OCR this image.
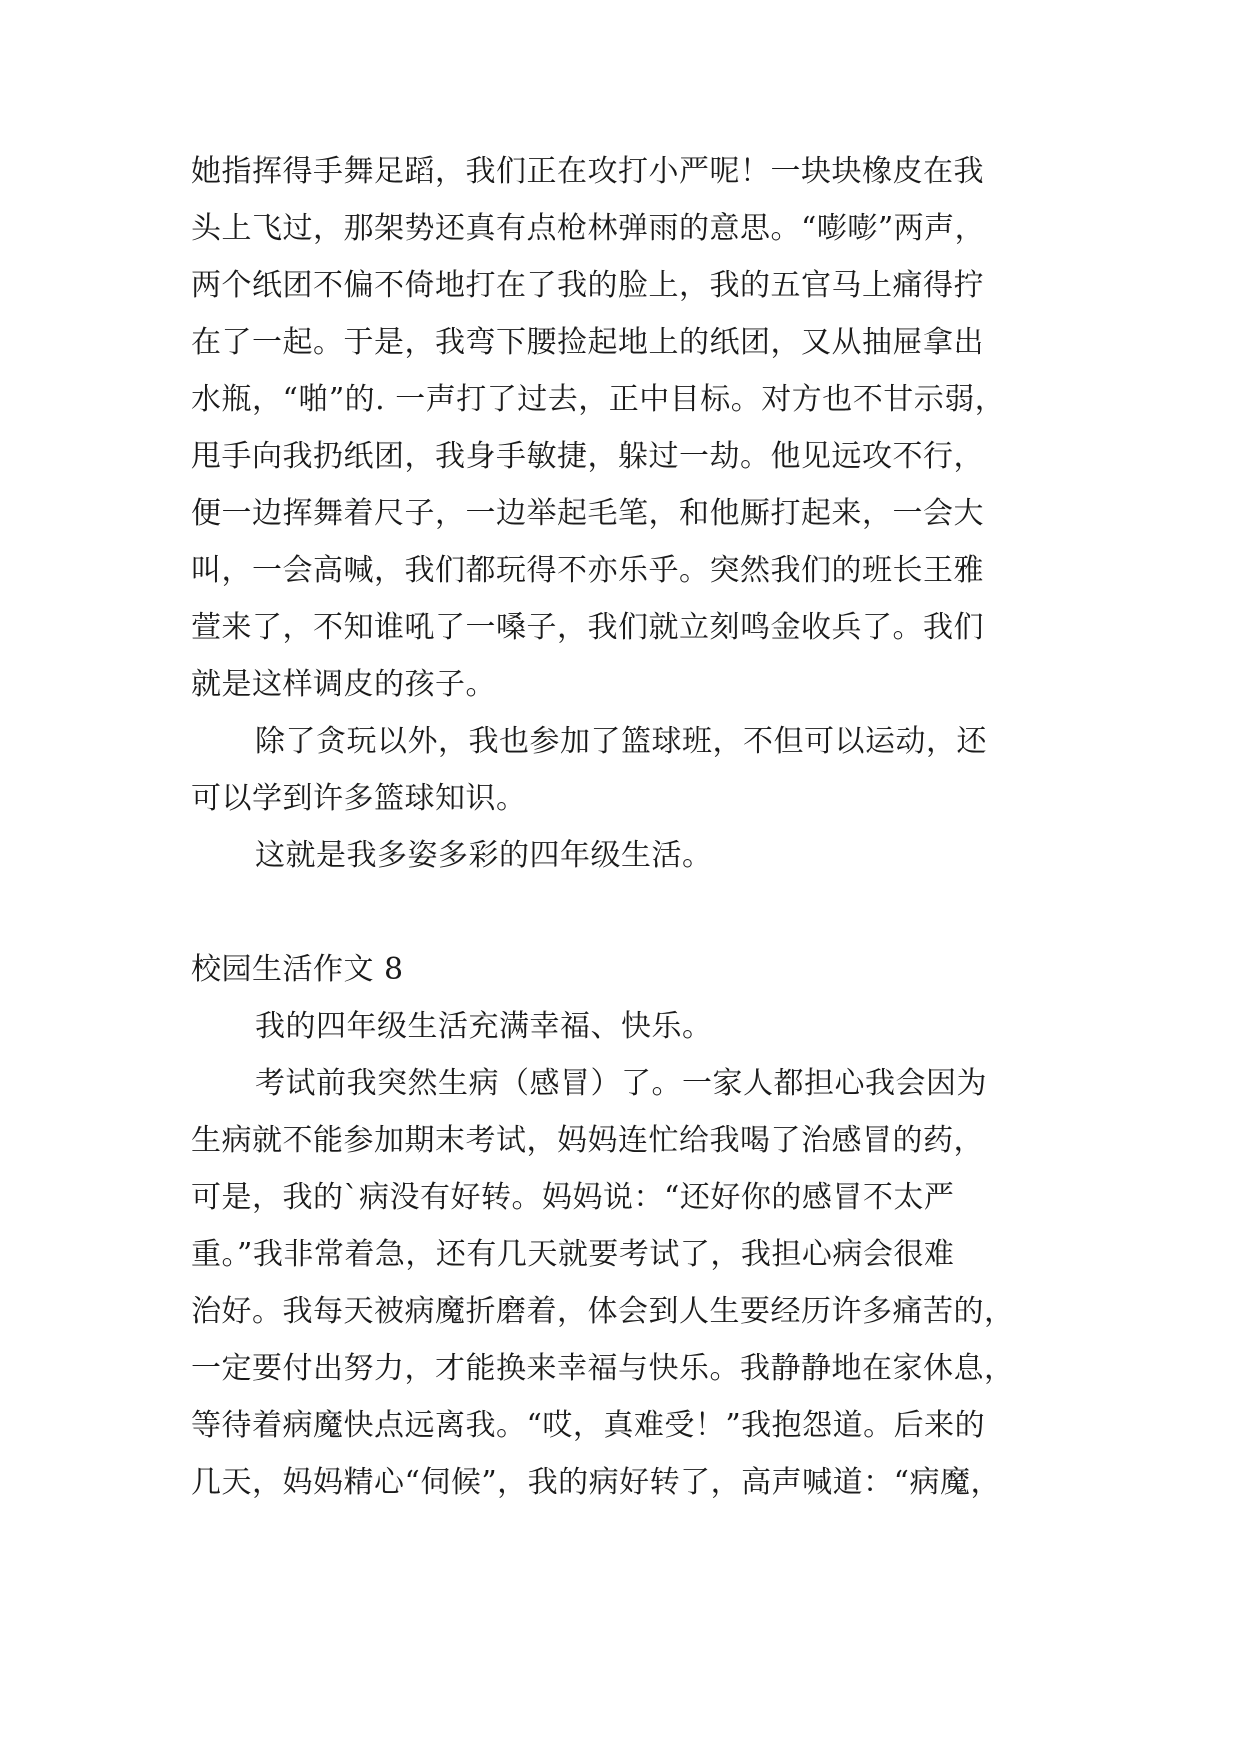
她指挥得手舞足蹈，我们正在攻打小严呢！一块块橡皮在我
头上飞过，那架势还真有点枪林弹雨的意思。“嘭嘭”两声，
两个纸团不偏不倚地打在了我的脸上，我的五官马上痛得拧
在了一起。于是，我弯下腰捡起地上的纸团，又从抽屉拿出
水瓶，“啪”的. 一声打了过去，正中目标。对方也不甘示弱，
甩手向我扔纸团，我身手敏捷，躲过一劫。他见远攻不行，
便一边挥舞着尺子，一边举起毛笔，和他厮打起来，一会大
叫，一会高喊，我们都玩得不亦乐乎。突然我们的班长王雅
萱来了，不知谁吼了一嗓子，我们就立刻鸣金收兵了。我们
就是这样调皮的孩子。
除了贪玩以外，我也参加了篮球班，不但可以运动，还
可以学到许多篮球知识。
这就是我多姿多彩的四年级生活。
校园生活作文 8
我的四年级生活充满幸福、快乐。
考试前我突然生病（感冒）了。一家人都担心我会因为
生病就不能参加期末考试，妈妈连忙给我喝了治感冒的药，
可是，我的`病没有好转。妈妈说：“还好你的感冒不太严
重。”我非常着急，还有几天就要考试了，我担心病会很难
治好。我每天被病魔折磨着，体会到人生要经历许多痛苦的，
一定要付出努力，才能换来幸福与快乐。我静静地在家休息，
等待着病魔快点远离我。“哎，真难受！”我抱怨道。后来的
几天，妈妈精心“伺候”，我的病好转了，高声喊道：“病魔，
